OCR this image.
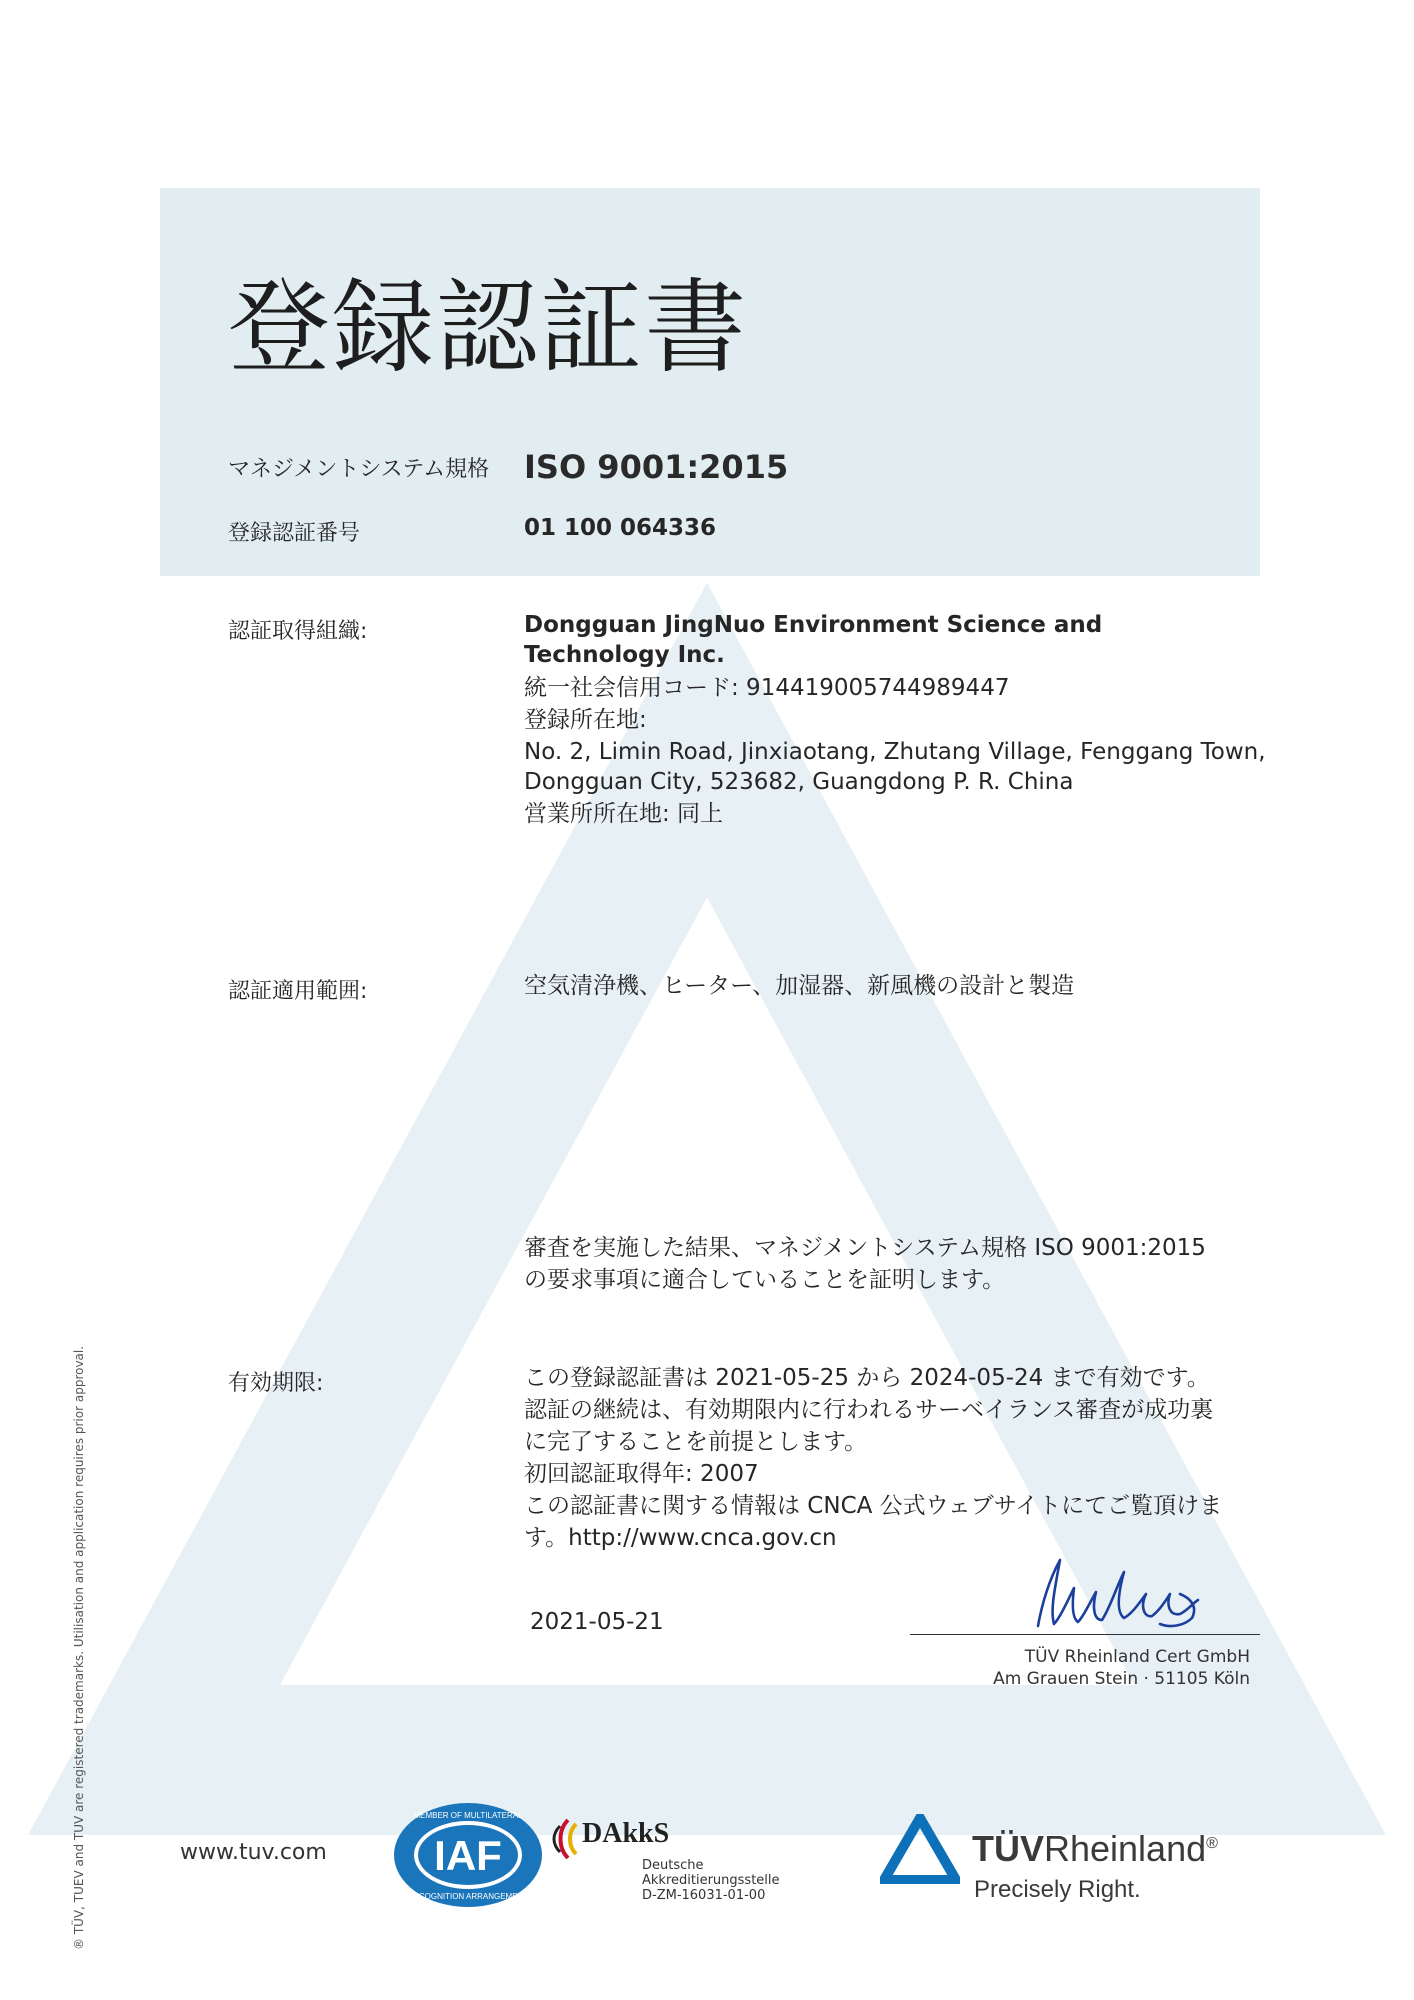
登録認証書
マネジメントシステム規格 ISO 9001:2015
登録認証番号	01 100 064336
認証取得組織:	Dongguan JingNuo Environment Science and Technology Inc.
統一社会信用コード: 914419005744989447
登録所在地:
No. 2, Limin Road, Jinxiaotang, Zhutang Village, Fenggang Town,
Dongguan City, 523682, Guangdong P. R. China
営業所所在地: 同上
認証適用範囲:	空気清浄機、ヒーター、加湿器、新風機の設計と製造
審査を実施した結果、マネジメントシステム規格 ISO 9001:2015
の要求事項に適合していることを証明します。
有効期限:	この登録認証書は 2021-05-25 から 2024-05-24 まで有効です。
認証の継続は、有効期限内に行われるサーベイランス審査が成功裏
に完了することを前提とします。
初回認証取得年: 2007
この認証書に関する情報は CNCA 公式ウェブサイトにてご覧頂けま
す。http://www.cnca.gov.cn
2021-05-21
TÜV Rheinland Cert GmbH
Am Grauen Stein · 51105 Köln
www.tuv.com	IAF
MEMBER OF MULTILATERAL
RECOGNITION ARRANGEMENT
DAkkS
Deutsche
Akkreditierungsstelle
D-ZM-16031-01-00
TÜVRheinland®
Precisely Right.
® TÜV, TUEV and TUV are registered trademarks. Utilisation and application requires prior approval.
